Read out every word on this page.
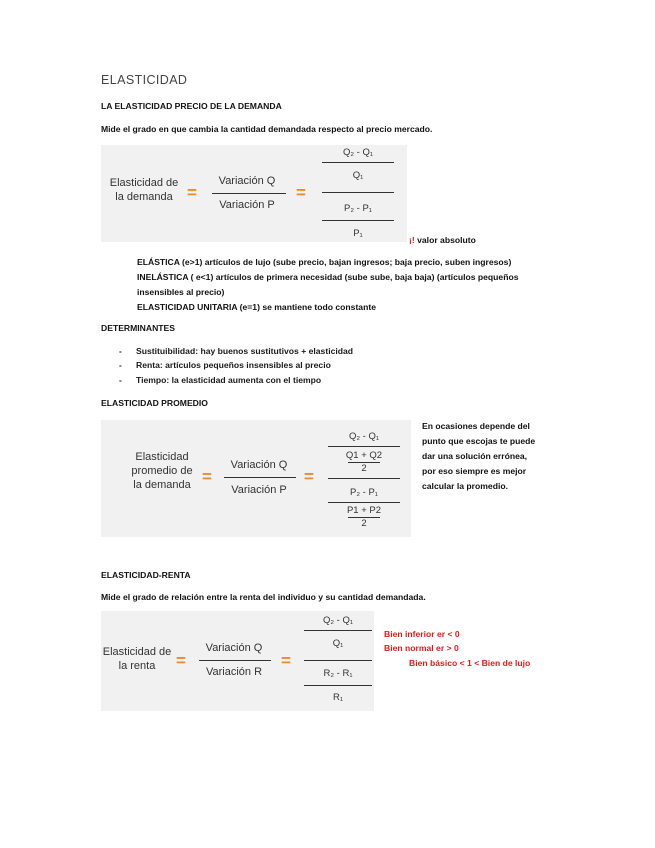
ELASTICIDAD
LA ELASTICIDAD PRECIO DE LA DEMANDA
Mide el grado en que cambia la cantidad demandada respecto al precio mercado.
Elasticidad de
la demanda =
Variación Q
Variación P
=
Q₂ - Q₁
Q₁
P₂ - P₁
P₁
¡! valor absoluto
ELÁSTICA (e>1) artículos de lujo (sube precio, bajan ingresos; baja precio, suben ingresos)
INELÁSTICA ( e<1) artículos de primera necesidad (sube sube, baja baja) (artículos pequeños
insensibles al precio)
ELASTICIDAD UNITARIA (e=1) se mantiene todo constante
DETERMINANTES
- Sustituibilidad: hay buenos sustitutivos + elasticidad
- Renta: artículos pequeños insensibles al precio
- Tiempo: la elasticidad aumenta con el tiempo
ELASTICIDAD PROMEDIO
Elasticidad
promedio de
la demanda =
Variación Q
Variación P
=
Q₂ - Q₁
Q1 + Q2
2
P₂ - P₁
P1 + P2
2
En ocasiones depende del
punto que escojas te puede
dar una solución errónea,
por eso siempre es mejor
calcular la promedio.
ELASTICIDAD-RENTA
Mide el grado de relación entre la renta del individuo y su cantidad demandada.
Elasticidad de
la renta	=
Variación Q
Variación R
=
Q₂ - Q₁
Q₁
R₂ - R₁
R₁
Bien inferior er < 0
Bien normal er > 0
Bien básico < 1 < Bien de lujo
